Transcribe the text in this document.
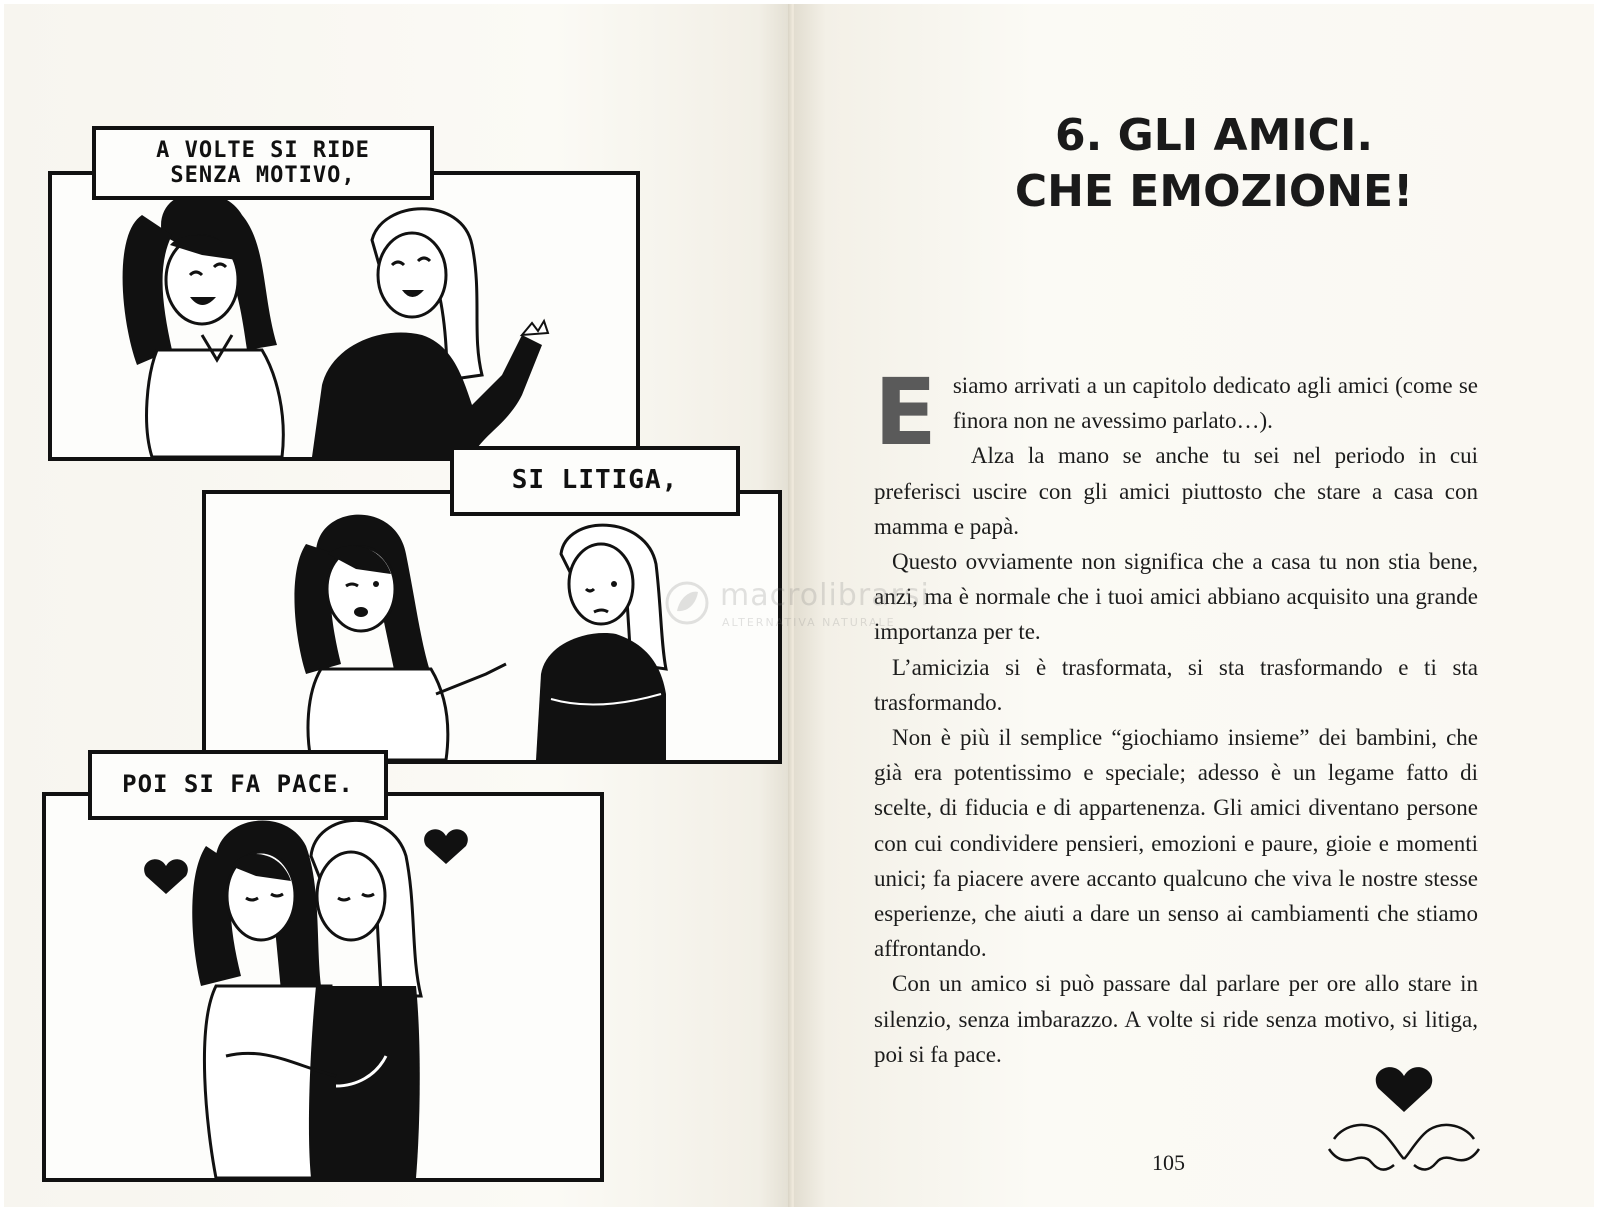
A VOLTE SI RIDE
SENZA MOTIVO,
SI LITIGA,
POI SI FA PACE.
6. GLI AMICI.
CHE EMOZIONE!

Esiamo arrivati a un capitolo dedicato agli amici (come se finora non ne avessimo parlato…).

Alza la mano se anche tu sei nel periodo in cui preferisci uscire con gli amici piuttosto che stare a casa con mamma e papà.

Questo ovviamente non significa che a casa tu non stia bene, anzi, ma è normale che i tuoi amici abbiano acquisito una grande importanza per te.

L’amicizia si è trasformata, si sta trasformando e ti sta trasformando.

Non è più il semplice “giochiamo insieme” dei bambini, che già era potentissimo e speciale; adesso è un legame fatto di scelte, di fiducia e di appartenenza. Gli amici diventano persone con cui condividere pensieri, emozioni e paure, gioie e momenti unici; fa piacere avere accanto qualcuno che viva le nostre stesse esperienze, che aiuti a dare un senso ai cambiamenti che stiamo affrontando.

Con un amico si può passare dal parlare per ore allo stare in silenzio, senza imbarazzo. A volte si ride senza motivo, si litiga, poi si fa pace.

macrolibrarsi
ALTERNATIVA NATURALE
105
